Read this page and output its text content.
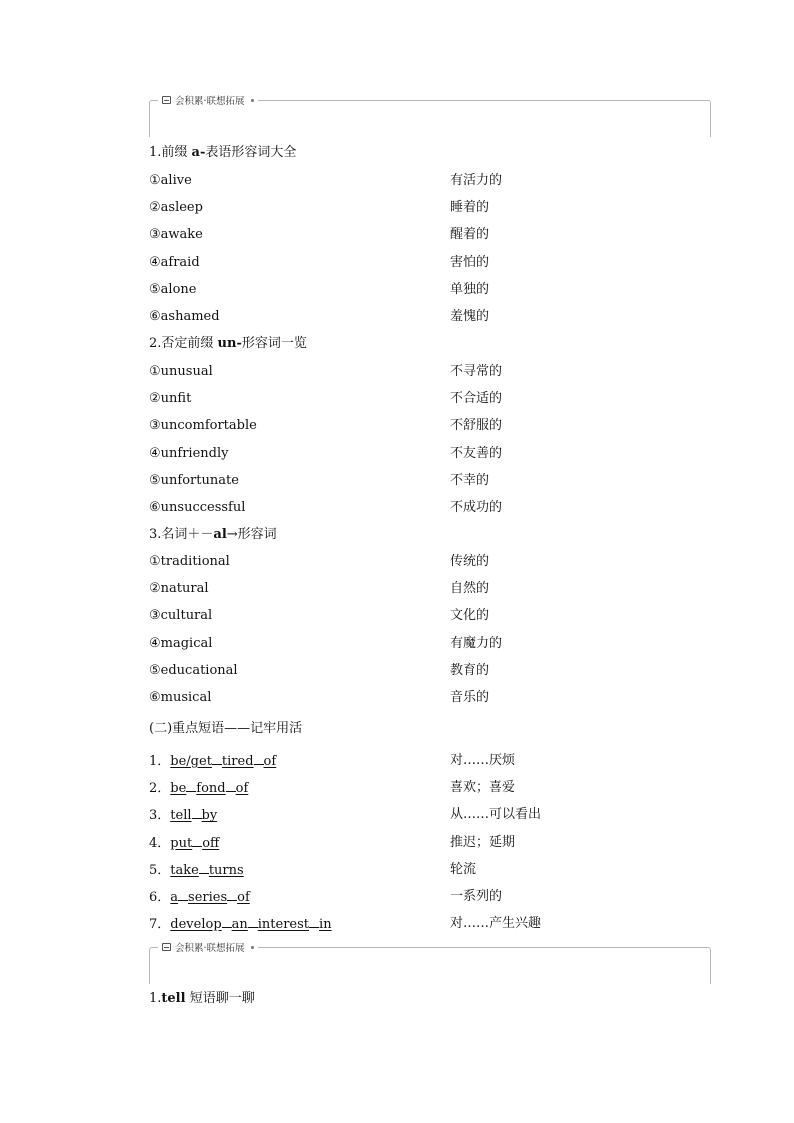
会积累·联想拓展
1.前缀 a-表语形容词大全
①alive	有活力的
②asleep	睡着的
③awake	醒着的
④afraid	害怕的
⑤alone	单独的
⑥ashamed	羞愧的
2.否定前缀 un-形容词一览
①unusual	不寻常的
②unfit	不合适的
③uncomfortable	不舒服的
④unfriendly	不友善的
⑤unfortunate	不幸的
⑥unsuccessful	不成功的
3.名词＋－al→形容词
①traditional	传统的
②natural	自然的
③cultural	文化的
④magical	有魔力的
⑤educational	教育的
⑥musical	音乐的
(二)重点短语——记牢用活
1．be/get tired of	对……厌烦
2．be fond of	喜欢；喜爱
3．tell by	从……可以看出
4．put off	推迟；延期
5．take turns	轮流
6．a series of	一系列的
7．develop an interest in	对……产生兴趣
会积累·联想拓展
1.tell 短语聊一聊
